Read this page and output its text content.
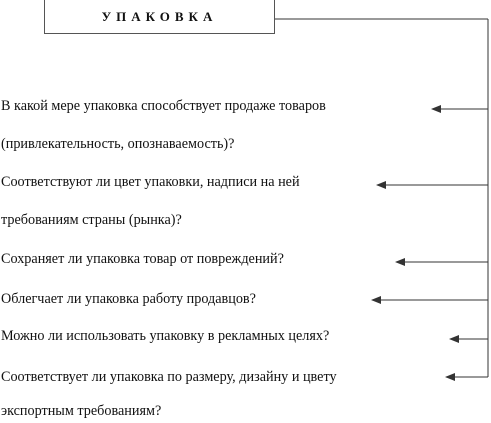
УПАКОВКА
В какой мере упаковка способствует продаже товаров
(привлекательность, опознаваемость)?
Соответствуют ли цвет упаковки, надписи на ней
требованиям страны (рынка)?
Сохраняет ли упаковка товар от повреждений?
Облегчает ли упаковка работу продавцов?
Можно ли использовать упаковку в рекламных целях?
Соответствует ли упаковка по размеру, дизайну и цвету
экспортным требованиям?
